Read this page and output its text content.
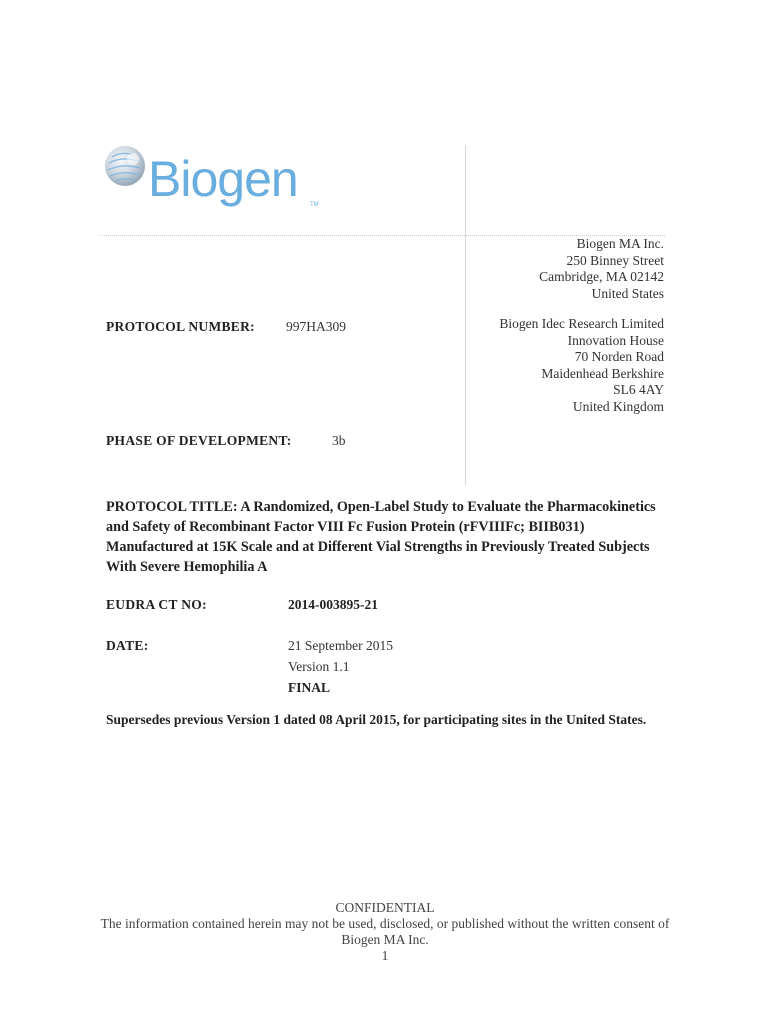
Biogen TM
Biogen MA Inc.
250 Binney Street
Cambridge, MA 02142
United States
Biogen Idec Research Limited
Innovation House
70 Norden Road
Maidenhead Berkshire
SL6 4AY
United Kingdom
PROTOCOL NUMBER: 997HA309
PHASE OF DEVELOPMENT:	3b
PROTOCOL TITLE: A Randomized, Open-Label Study to Evaluate the Pharmacokinetics and Safety of Recombinant Factor VIII Fc Fusion Protein (rFVIIIFc; BIIB031) Manufactured at 15K Scale and at Different Vial Strengths in Previously Treated Subjects With Severe Hemophilia A
EUDRA CT NO:	2014-003895-21
DATE:	21 September 2015
Version 1.1
FINAL
Supersedes previous Version 1 dated 08 April 2015, for participating sites in the United States.
CONFIDENTIAL
The information contained herein may not be used, disclosed, or published without the written consent of
Biogen MA Inc.
1
